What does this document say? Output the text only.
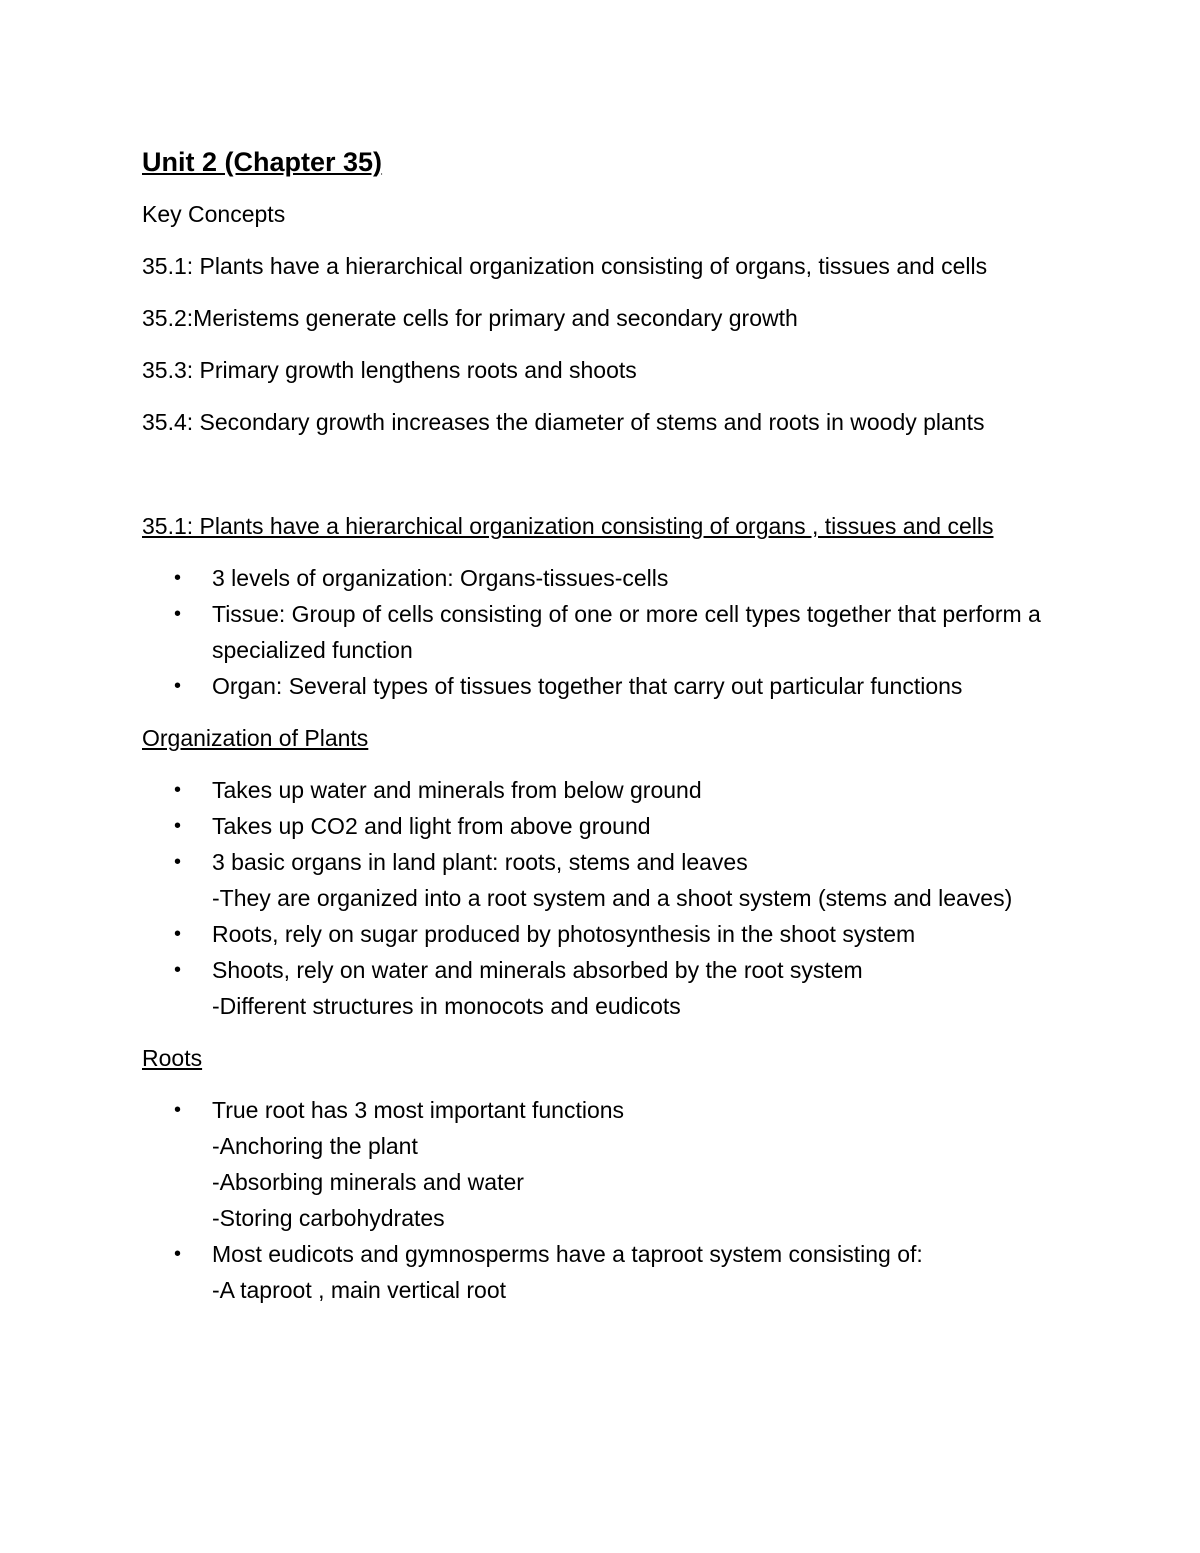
Unit 2 (Chapter 35)
Key Concepts
35.1: Plants have a hierarchical organization consisting of organs, tissues and cells
35.2:Meristems generate cells for primary and secondary growth
35.3: Primary growth lengthens roots and shoots
35.4: Secondary growth increases the diameter of stems and roots in woody plants
35.1: Plants have a hierarchical organization consisting of organs , tissues and cells
• 3 levels of organization: Organs-tissues-cells
• Tissue: Group of cells consisting of one or more cell types together that perform a specialized function
• Organ: Several types of tissues together that carry out particular functions
Organization of Plants
• Takes up water and minerals from below ground
• Takes up CO2 and light from above ground
• 3 basic organs in land plant: roots, stems and leaves
-They are organized into a root system and a shoot system (stems and leaves)
• Roots, rely on sugar produced by photosynthesis in the shoot system
• Shoots, rely on water and minerals absorbed by the root system
-Different structures in monocots and eudicots
Roots
• True root has 3 most important functions
-Anchoring the plant
-Absorbing minerals and water
-Storing carbohydrates
• Most eudicots and gymnosperms have a taproot system consisting of:
-A taproot , main vertical root
